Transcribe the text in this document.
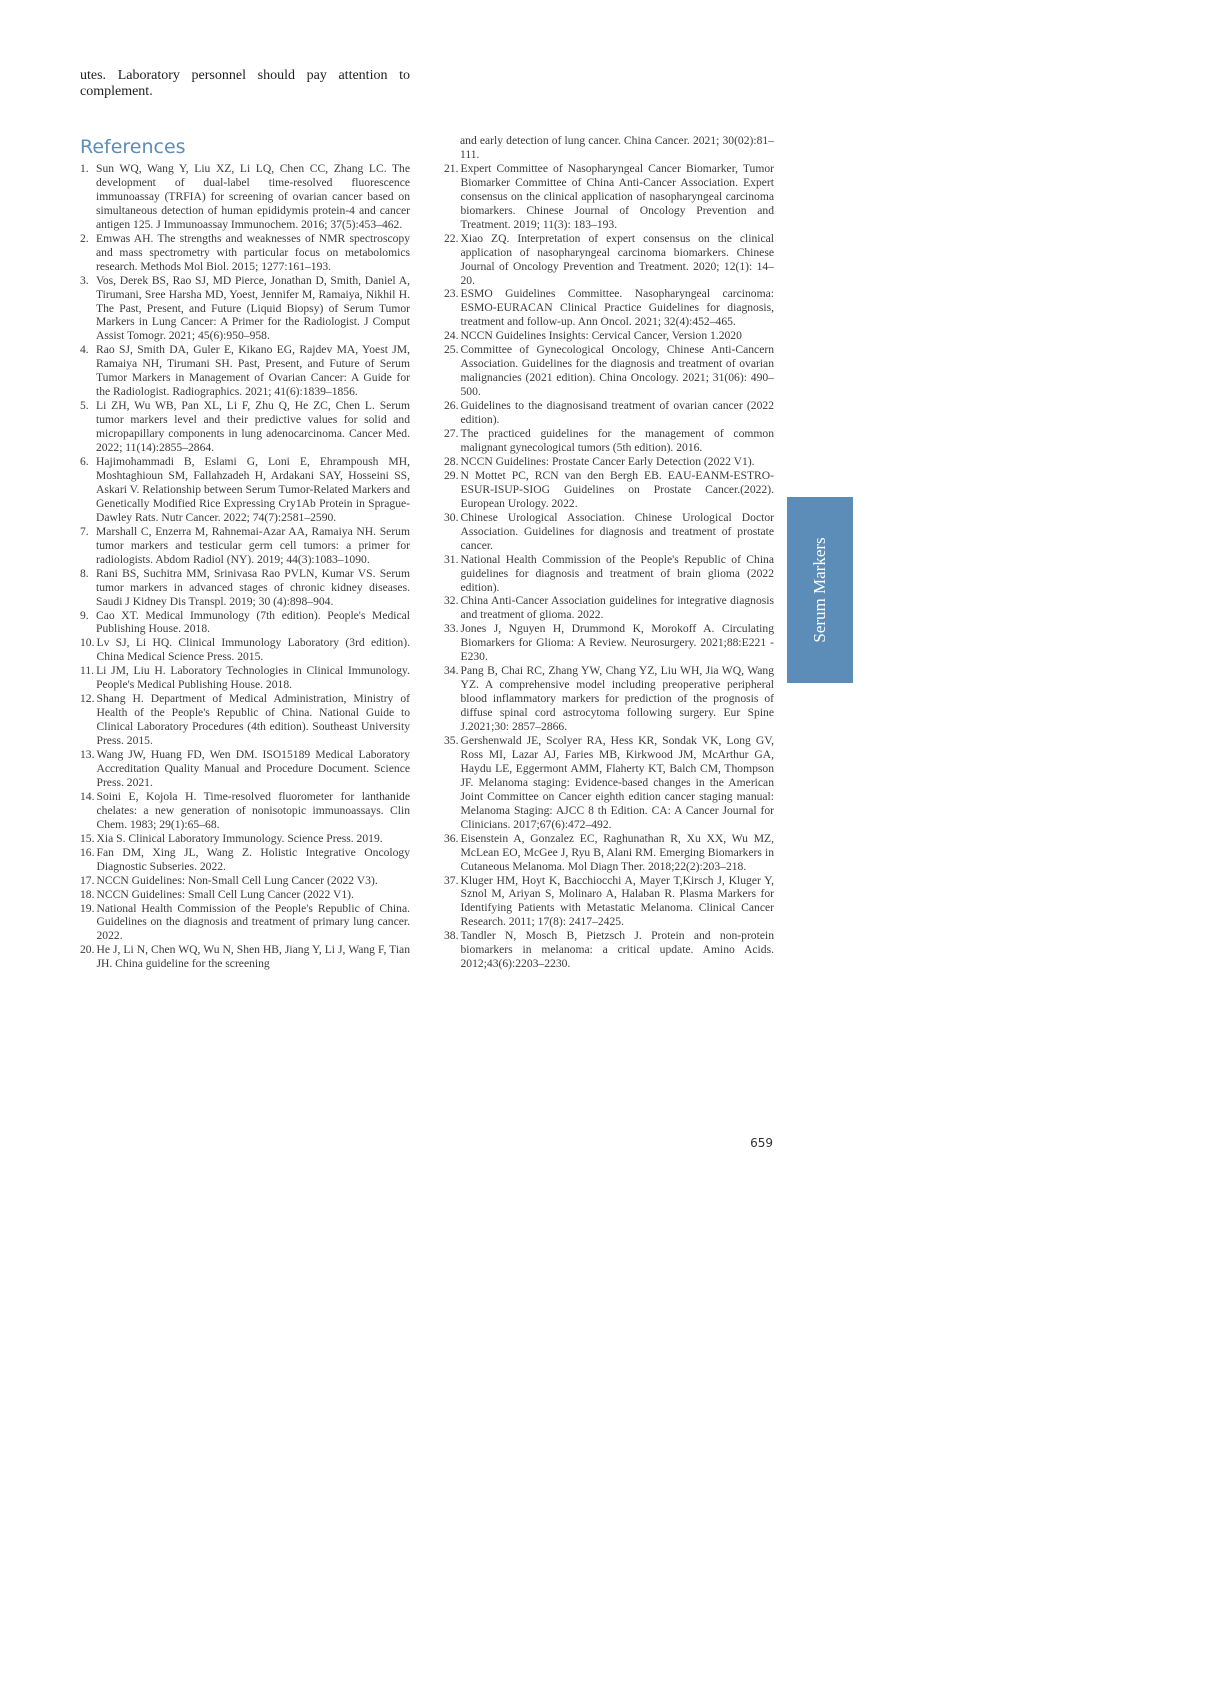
utes. Laboratory personnel should pay attention to complement.
References
1. Sun WQ, Wang Y, Liu XZ, Li LQ, Chen CC, Zhang LC. The development of dual-label time-resolved fluorescence immunoassay (TRFIA) for screening of ovarian cancer based on simultaneous detection of human epididymis protein-4 and cancer antigen 125. J Immunoassay Immunochem. 2016; 37(5):453–462.
2. Emwas AH. The strengths and weaknesses of NMR spectroscopy and mass spectrometry with particular focus on metabolomics research. Methods Mol Biol. 2015; 1277:161–193.
3. Vos, Derek BS, Rao SJ, MD Pierce, Jonathan D, Smith, Daniel A, Tirumani, Sree Harsha MD, Yoest, Jennifer M, Ramaiya, Nikhil H. The Past, Present, and Future (Liquid Biopsy) of Serum Tumor Markers in Lung Cancer: A Primer for the Radiologist. J Comput Assist Tomogr. 2021; 45(6):950–958.
4. Rao SJ, Smith DA, Guler E, Kikano EG, Rajdev MA, Yoest JM, Ramaiya NH, Tirumani SH. Past, Present, and Future of Serum Tumor Markers in Management of Ovarian Cancer: A Guide for the Radiologist. Radiographics. 2021; 41(6):1839–1856.
5. Li ZH, Wu WB, Pan XL, Li F, Zhu Q, He ZC, Chen L. Serum tumor markers level and their predictive values for solid and micropapillary components in lung adenocarcinoma. Cancer Med. 2022; 11(14):2855–2864.
6. Hajimohammadi B, Eslami G, Loni E, Ehrampoush MH, Moshtaghioun SM, Fallahzadeh H, Ardakani SAY, Hosseini SS, Askari V. Relationship between Serum Tumor-Related Markers and Genetically Modified Rice Expressing Cry1Ab Protein in Sprague-Dawley Rats. Nutr Cancer. 2022; 74(7):2581–2590.
7. Marshall C, Enzerra M, Rahnemai-Azar AA, Ramaiya NH. Serum tumor markers and testicular germ cell tumors: a primer for radiologists. Abdom Radiol (NY). 2019; 44(3):1083–1090.
8. Rani BS, Suchitra MM, Srinivasa Rao PVLN, Kumar VS. Serum tumor markers in advanced stages of chronic kidney diseases. Saudi J Kidney Dis Transpl. 2019; 30 (4):898–904.
9. Cao XT. Medical Immunology (7th edition). People's Medical Publishing House. 2018.
10. Lv SJ, Li HQ. Clinical Immunology Laboratory (3rd edition). China Medical Science Press. 2015.
11. Li JM, Liu H. Laboratory Technologies in Clinical Immunology. People's Medical Publishing House. 2018.
12. Shang H. Department of Medical Administration, Ministry of Health of the People's Republic of China. National Guide to Clinical Laboratory Procedures (4th edition). Southeast University Press. 2015.
13. Wang JW, Huang FD, Wen DM. ISO15189 Medical Laboratory Accreditation Quality Manual and Procedure Document. Science Press. 2021.
14. Soini E, Kojola H. Time-resolved fluorometer for lanthanide chelates: a new generation of nonisotopic immunoassays. Clin Chem. 1983; 29(1):65–68.
15. Xia S. Clinical Laboratory Immunology. Science Press. 2019.
16. Fan DM, Xing JL, Wang Z. Holistic Integrative Oncology Diagnostic Subseries. 2022.
17. NCCN Guidelines: Non-Small Cell Lung Cancer (2022 V3).
18. NCCN Guidelines: Small Cell Lung Cancer (2022 V1).
19. National Health Commission of the People's Republic of China. Guidelines on the diagnosis and treatment of primary lung cancer. 2022.
20. He J, Li N, Chen WQ, Wu N, Shen HB, Jiang Y, Li J, Wang F, Tian JH. China guideline for the screening
and early detection of lung cancer. China Cancer. 2021; 30(02):81–111.
21. Expert Committee of Nasopharyngeal Cancer Biomarker, Tumor Biomarker Committee of China Anti-Cancer Association. Expert consensus on the clinical application of nasopharyngeal carcinoma biomarkers. Chinese Journal of Oncology Prevention and Treatment. 2019; 11(3): 183–193.
22. Xiao ZQ. Interpretation of expert consensus on the clinical application of nasopharyngeal carcinoma biomarkers. Chinese Journal of Oncology Prevention and Treatment. 2020; 12(1): 14–20.
23. ESMO Guidelines Committee. Nasopharyngeal carcinoma: ESMO-EURACAN Clinical Practice Guidelines for diagnosis, treatment and follow-up. Ann Oncol. 2021; 32(4):452–465.
24. NCCN Guidelines Insights: Cervical Cancer, Version 1.2020
25. Committee of Gynecological Oncology, Chinese Anti-Cancern Association. Guidelines for the diagnosis and treatment of ovarian malignancies (2021 edition). China Oncology. 2021; 31(06): 490–500.
26. Guidelines to the diagnosisand treatment of ovarian cancer (2022 edition).
27. The practiced guidelines for the management of common malignant gynecological tumors (5th edition). 2016.
28. NCCN Guidelines: Prostate Cancer Early Detection (2022 V1).
29. N Mottet PC, RCN van den Bergh EB. EAU-EANM-ESTRO-ESUR-ISUP-SIOG Guidelines on Prostate Cancer.(2022). European Urology. 2022.
30. Chinese Urological Association. Chinese Urological Doctor Association. Guidelines for diagnosis and treatment of prostate cancer.
31. National Health Commission of the People's Republic of China guidelines for diagnosis and treatment of brain glioma (2022 edition).
32. China Anti-Cancer Association guidelines for integrative diagnosis and treatment of glioma. 2022.
33. Jones J, Nguyen H, Drummond K, Morokoff A. Circulating Biomarkers for Glioma: A Review. Neurosurgery. 2021;88:E221 - E230.
34. Pang B, Chai RC, Zhang YW, Chang YZ, Liu WH, Jia WQ, Wang YZ. A comprehensive model including preoperative peripheral blood inflammatory markers for prediction of the prognosis of diffuse spinal cord astrocytoma following surgery. Eur Spine J.2021;30: 2857–2866.
35. Gershenwald JE, Scolyer RA, Hess KR, Sondak VK, Long GV, Ross MI, Lazar AJ, Faries MB, Kirkwood JM, McArthur GA, Haydu LE, Eggermont AMM, Flaherty KT, Balch CM, Thompson JF. Melanoma staging: Evidence-based changes in the American Joint Committee on Cancer eighth edition cancer staging manual: Melanoma Staging: AJCC 8 th Edition. CA: A Cancer Journal for Clinicians. 2017;67(6):472–492.
36. Eisenstein A, Gonzalez EC, Raghunathan R, Xu XX, Wu MZ, McLean EO, McGee J, Ryu B, Alani RM. Emerging Biomarkers in Cutaneous Melanoma. Mol Diagn Ther. 2018;22(2):203–218.
37. Kluger HM, Hoyt K, Bacchiocchi A, Mayer T,Kirsch J, Kluger Y, Sznol M, Ariyan S, Molinaro A, Halaban R. Plasma Markers for Identifying Patients with Metastatic Melanoma. Clinical Cancer Research. 2011; 17(8): 2417–2425.
38. Tandler N, Mosch B, Pietzsch J. Protein and non-protein biomarkers in melanoma: a critical update. Amino Acids. 2012;43(6):2203–2230.
Serum Markers
659
